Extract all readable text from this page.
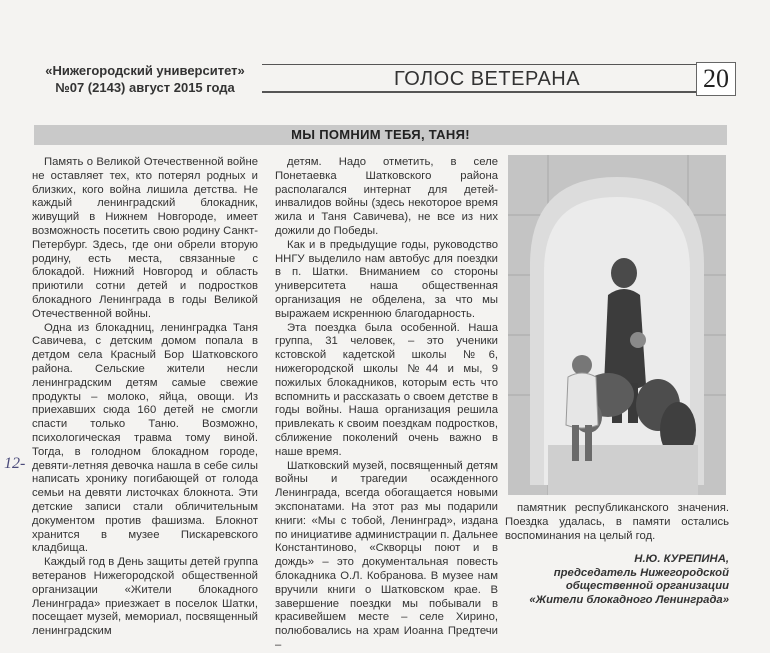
«Нижегородский университет»
№07 (2143) август 2015 года	ГОЛОС ВЕТЕРАНА	20
МЫ ПОМНИМ ТЕБЯ, ТАНЯ!

Память о Великой Отечественной войне не оставляет тех, кто потерял родных и близких, кого война лишила детства. Не каждый ленинградский блокадник, живущий в Нижнем Новгороде, имеет возможность посетить свою родину Санкт-Петербург. Здесь, где они обрели вторую родину, есть места, связанные с блокадой. Нижний Новгород и область приютили сотни детей и подростков блокадного Ленинграда в годы Великой Отечественной войны.

Одна из блокадниц, ленинградка Таня Савичева, с детским домом попала в детдом села Красный Бор Шатковского района. Сельские жители несли ленинградским детям самые свежие продукты – молоко, яйца, овощи. Из приехавших сюда 160 детей не смогли спасти только Таню. Возможно, психологическая травма тому виной. Тогда, в голодном блокадном городе, девяти-летняя девочка нашла в себе силы написать хронику погибающей от голода семьи на девяти листочках блокнота. Эти детские записи стали обличительным документом против фашизма. Блокнот хранится в музее Пискаревского кладбища.

Каждый год в День защиты детей группа ветеранов Нижегородской общественной организации «Жители блокадного Ленинграда» приезжает в поселок Шатки, посещает музей, мемориал, посвященный ленинградским

детям. Надо отметить, в селе Понетаевка Шатковского района располагался интернат для детей-инвалидов войны (здесь некоторое время жила и Таня Савичева), не все из них дожили до Победы.

Как и в предыдущие годы, руководство ННГУ выделило нам автобус для поездки в п. Шатки. Вниманием со стороны университета наша общественная организация не обделена, за что мы выражаем искреннюю благодарность.

Эта поездка была особенной. Наша группа, 31 человек, – это ученики кстовской кадетской школы №6, нижегородской школы №44 и мы, 9 пожилых блокадников, которым есть что вспомнить и рассказать о своем детстве в годы войны. Наша организация решила привлекать к своим поездкам подростков, сближение поколений очень важно в наше время.

Шатковский музей, посвященный детям войны и трагедии осажденного Ленинграда, всегда обогащается новыми экспонатами. На этот раз мы подарили книги: «Мы с тобой, Ленинград», издана по инициативе администрации п. Дальнее Константиново, «Скворцы поют и в дождь» – это документальная повесть блокадника О.Л. Кобранова. В музее нам вручили книги о Шатковском крае. В завершение поездки мы побывали в красивейшем месте – селе Хирино, полюбовались на храм Иоанна Предтечи –

памятник республиканского значения. Поездка удалась, в памяти остались воспоминания на целый год.

Н.Ю. КУРЕПИНА,
председатель Нижегородской
общественной организации
«Жители блокадного Ленинграда»
12-
